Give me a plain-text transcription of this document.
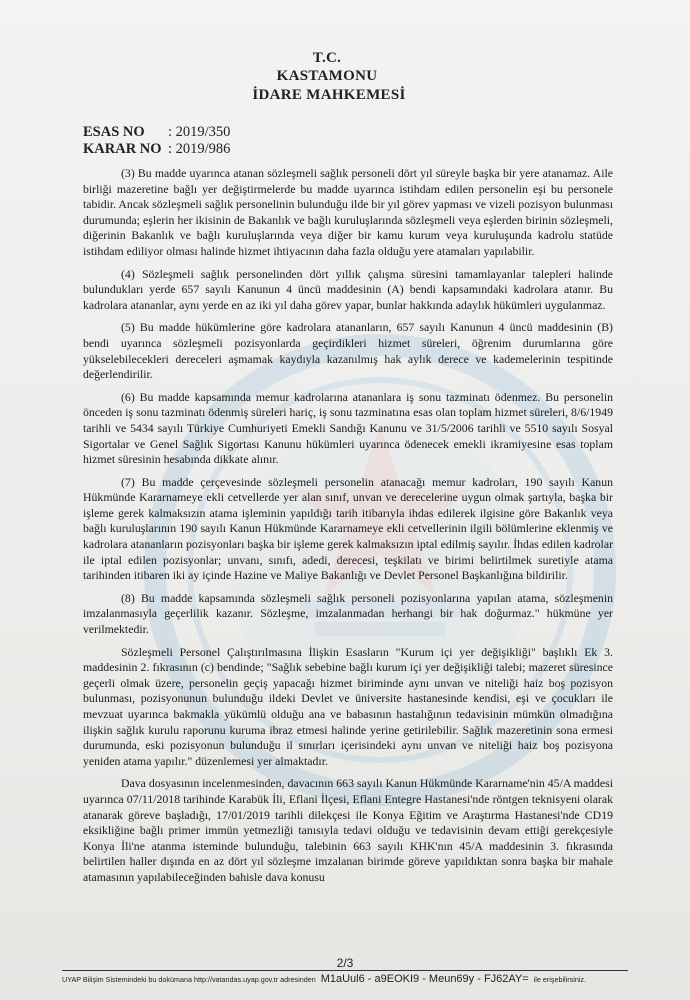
T.C.
KASTAMONU
İDARE MAHKEMESİ
ESAS NO : 2019/350
KARAR NO : 2019/986

(3) Bu madde uyarınca atanan sözleşmeli sağlık personeli dört yıl süreyle başka bir yere atanamaz. Aile birliği mazeretine bağlı yer değiştirmelerde bu madde uyarınca istihdam edilen personelin eşi bu personele tabidir. Ancak sözleşmeli sağlık personelinin bulunduğu ilde bir yıl görev yapması ve vizeli pozisyon bulunması durumunda; eşlerin her ikisinin de Bakanlık ve bağlı kuruluşlarında sözleşmeli veya eşlerden birinin sözleşmeli, diğerinin Bakanlık ve bağlı kuruluşlarında veya diğer bir kamu kurum veya kuruluşunda kadrolu statüde istihdam ediliyor olması halinde hizmet ihtiyacının daha fazla olduğu yere atamaları yapılabilir.

(4) Sözleşmeli sağlık personelinden dört yıllık çalışma süresini tamamlayanlar talepleri halinde bulundukları yerde 657 sayılı Kanunun 4 üncü maddesinin (A) bendi kapsamındaki kadrolara atanır. Bu kadrolara atananlar, aynı yerde en az iki yıl daha görev yapar, bunlar hakkında adaylık hükümleri uygulanmaz.

(5) Bu madde hükümlerine göre kadrolara atananların, 657 sayılı Kanunun 4 üncü maddesinin (B) bendi uyarınca sözleşmeli pozisyonlarda geçirdikleri hizmet süreleri, öğrenim durumlarına göre yükselebilecekleri dereceleri aşmamak kaydıyla kazanılmış hak aylık derece ve kademelerinin tespitinde değerlendirilir.

(6) Bu madde kapsamında memur kadrolarına atananlara iş sonu tazminatı ödenmez. Bu personelin önceden iş sonu tazminatı ödenmiş süreleri hariç, iş sonu tazminatına esas olan toplam hizmet süreleri, 8/6/1949 tarihli ve 5434 sayılı Türkiye Cumhuriyeti Emekli Sandığı Kanunu ve 31/5/2006 tarihli ve 5510 sayılı Sosyal Sigortalar ve Genel Sağlık Sigortası Kanunu hükümleri uyarınca ödenecek emekli ikramiyesine esas toplam hizmet süresinin hesabında dikkate alınır.

(7) Bu madde çerçevesinde sözleşmeli personelin atanacağı memur kadroları, 190 sayılı Kanun Hükmünde Kararnameye ekli cetvellerde yer alan sınıf, unvan ve derecelerine uygun olmak şartıyla, başka bir işleme gerek kalmaksızın atama işleminin yapıldığı tarih itibarıyla ihdas edilerek ilgisine göre Bakanlık veya bağlı kuruluşlarının 190 sayılı Kanun Hükmünde Kararnameye ekli cetvellerinin ilgili bölümlerine eklenmiş ve kadrolara atananların pozisyonları başka bir işleme gerek kalmaksızın iptal edilmiş sayılır. İhdas edilen kadrolar ile iptal edilen pozisyonlar; unvanı, sınıfı, adedi, derecesi, teşkilatı ve birimi belirtilmek suretiyle atama tarihinden itibaren iki ay içinde Hazine ve Maliye Bakanlığı ve Devlet Personel Başkanlığına bildirilir.

(8) Bu madde kapsamında sözleşmeli sağlık personeli pozisyonlarına yapılan atama, sözleşmenin imzalanmasıyla geçerlilik kazanır. Sözleşme, imzalanmadan herhangi bir hak doğurmaz." hükmüne yer verilmektedir.

Sözleşmeli Personel Çalıştırılmasına İlişkin Esasların "Kurum içi yer değişikliği" başlıklı Ek 3. maddesinin 2. fıkrasının (c) bendinde; "Sağlık sebebine bağlı kurum içi yer değişikliği talebi; mazeret süresince geçerli olmak üzere, personelin geçiş yapacağı hizmet biriminde aynı unvan ve niteliği haiz boş pozisyon bulunması, pozisyonunun bulunduğu ildeki Devlet ve üniversite hastanesinde kendisi, eşi ve çocukları ile mevzuat uyarınca bakmakla yükümlü olduğu ana ve babasının hastalığının tedavisinin mümkün olmadığına ilişkin sağlık kurulu raporunu kuruma ibraz etmesi halinde yerine getirilebilir. Sağlık mazeretinin sona ermesi durumunda, eski pozisyonun bulunduğu il sınırları içerisindeki aynı unvan ve niteliği haiz boş pozisyona yeniden atama yapılır." düzenlemesi yer almaktadır.

Dava dosyasının incelenmesinden, davacının 663 sayılı Kanun Hükmünde Kararname'nin 45/A maddesi uyarınca 07/11/2018 tarihinde Karabük İli, Eflani İlçesi, Eflani Entegre Hastanesi'nde röntgen teknisyeni olarak atanarak göreve başladığı, 17/01/2019 tarihli dilekçesi ile Konya Eğitim ve Araştırma Hastanesi'nde CD19 eksikliğine bağlı primer immün yetmezliği tanısıyla tedavi olduğu ve tedavisinin devam ettiği gerekçesiyle Konya İli'ne atanma isteminde bulunduğu, talebinin 663 sayılı KHK'nın 45/A maddesinin 3. fıkrasında belirtilen haller dışında en az dört yıl sözleşme imzalanan birimde göreve yapıldıktan sonra başka bir mahale atamasının yapılabileceğinden bahisle dava konusu

2/3
UYAP Bilişim Sistemindeki bu dokümana http://vatandas.uyap.gov.tr adresinden M1aUul6 - a9EOKI9 - Meun69y - FJ62AY= ile erişebilirsiniz.
